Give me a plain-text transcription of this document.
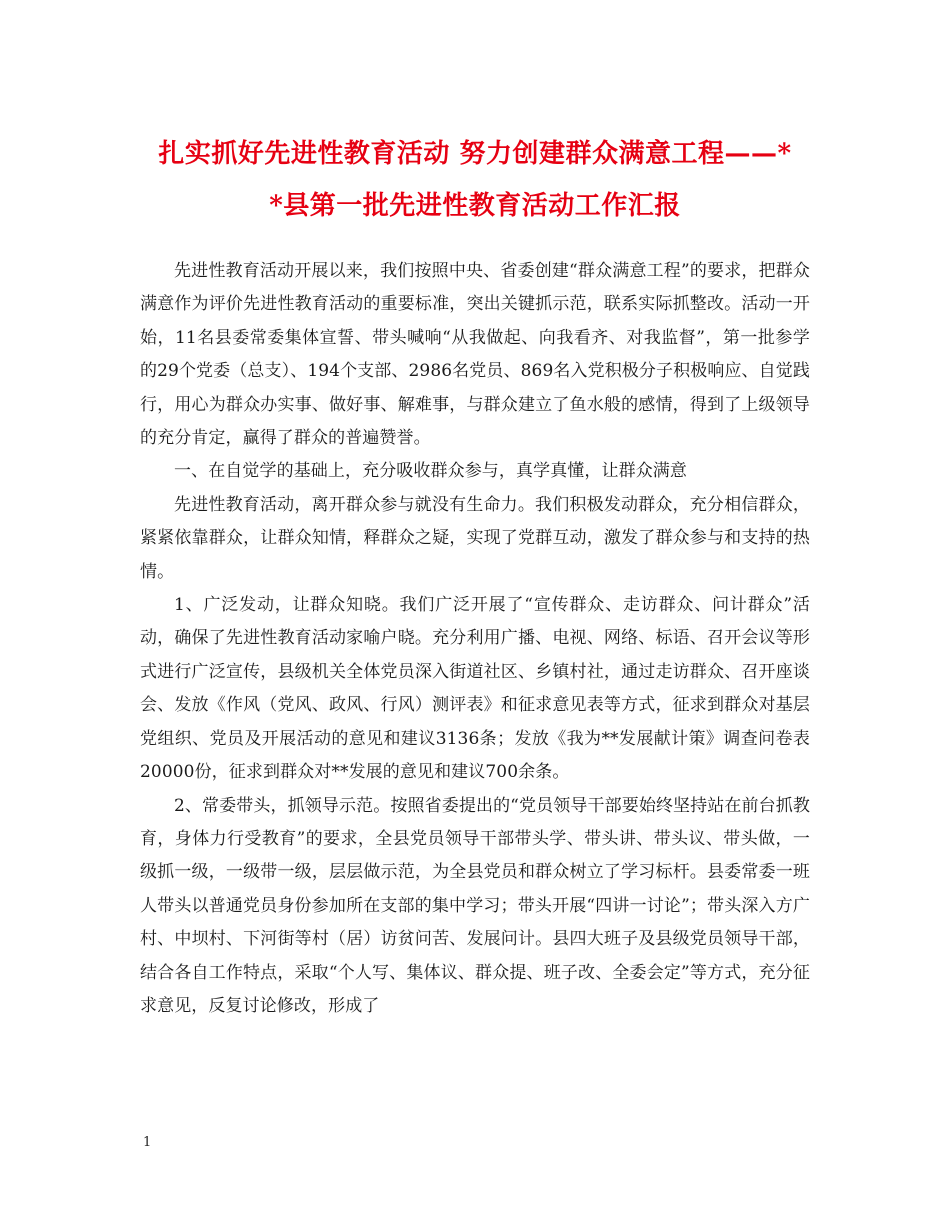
扎实抓好先进性教育活动 努力创建群众满意工程——*
*县第一批先进性教育活动工作汇报

先进性教育活动开展以来，我们按照中央、省委创建“群众满意工程”的要求，把群众满意作为评价先进性教育活动的重要标准，突出关键抓示范，联系实际抓整改。活动一开始，11名县委常委集体宣誓、带头喊响“从我做起、向我看齐、对我监督”，第一批参学的29个党委（总支）、194个支部、2986名党员、869名入党积极分子积极响应、自觉践行，用心为群众办实事、做好事、解难事，与群众建立了鱼水般的感情，得到了上级领导的充分肯定，赢得了群众的普遍赞誉。

一、在自觉学的基础上，充分吸收群众参与，真学真懂，让群众满意

先进性教育活动，离开群众参与就没有生命力。我们积极发动群众，充分相信群众，紧紧依靠群众，让群众知情，释群众之疑，实现了党群互动，激发了群众参与和支持的热情。

1、广泛发动，让群众知晓。我们广泛开展了“宣传群众、走访群众、问计群众”活动，确保了先进性教育活动家喻户晓。充分利用广播、电视、网络、标语、召开会议等形式进行广泛宣传，县级机关全体党员深入街道社区、乡镇村社，通过走访群众、召开座谈会、发放《作风（党风、政风、行风）测评表》和征求意见表等方式，征求到群众对基层党组织、党员及开展活动的意见和建议3136条；发放《我为**发展献计策》调查问卷表20000份，征求到群众对**发展的意见和建议700余条。

2、常委带头，抓领导示范。按照省委提出的“党员领导干部要始终坚持站在前台抓教育，身体力行受教育”的要求，全县党员领导干部带头学、带头讲、带头议、带头做，一级抓一级，一级带一级，层层做示范，为全县党员和群众树立了学习标杆。县委常委一班人带头以普通党员身份参加所在支部的集中学习；带头开展“四讲一讨论”；带头深入方广村、中坝村、下河街等村（居）访贫问苦、发展问计。县四大班子及县级党员领导干部，结合各自工作特点，采取“个人写、集体议、群众提、班子改、全委会定”等方式，充分征求意见，反复讨论修改，形成了

1
